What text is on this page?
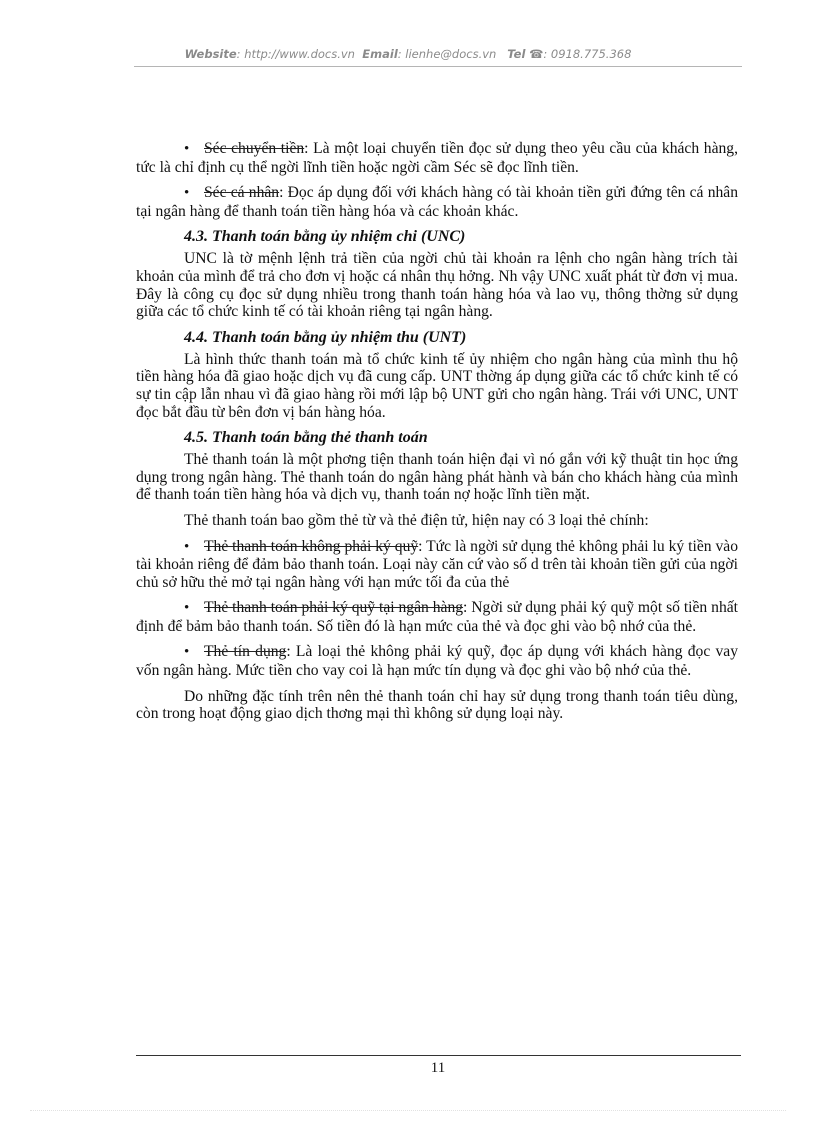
Website: http://www.docs.vn Email: lienhe@docs.vn Tel ☎: 0918.775.368

• Séc chuyển tiền: Là một loại chuyển tiền đọc sử dụng theo yêu cầu của khách hàng, tức là chỉ định cụ thể ngời lĩnh tiền hoặc ngời cầm Séc sẽ đọc lĩnh tiền.

• Séc cá nhân: Đọc áp dụng đối với khách hàng có tài khoản tiền gửi đứng tên cá nhân tại ngân hàng để thanh toán tiền hàng hóa và các khoản khác.

4.3. Thanh toán bằng ủy nhiệm chi (UNC)

UNC là tờ mệnh lệnh trả tiền của ngời chủ tài khoản ra lệnh cho ngân hàng trích tài khoản của mình để trả cho đơn vị hoặc cá nhân thụ hởng. Nh vậy UNC xuất phát từ đơn vị mua. Đây là công cụ đọc sử dụng nhiều trong thanh toán hàng hóa và lao vụ, thông thờng sử dụng giữa các tổ chức kinh tế có tài khoản riêng tại ngân hàng.

4.4. Thanh toán bằng ủy nhiệm thu (UNT)

Là hình thức thanh toán mà tổ chức kinh tế ủy nhiệm cho ngân hàng của mình thu hộ tiền hàng hóa đã giao hoặc dịch vụ đã cung cấp. UNT thờng áp dụng giữa các tổ chức kinh tế có sự tin cập lẫn nhau vì đã giao hàng rồi mới lập bộ UNT gửi cho ngân hàng. Trái với UNC, UNT đọc bắt đầu từ bên đơn vị bán hàng hóa.

4.5. Thanh toán bằng thẻ thanh toán

Thẻ thanh toán là một phơng tiện thanh toán hiện đại vì nó gắn với kỹ thuật tin học ứng dụng trong ngân hàng. Thẻ thanh toán do ngân hàng phát hành và bán cho khách hàng của mình để thanh toán tiền hàng hóa và dịch vụ, thanh toán nợ hoặc lĩnh tiền mặt.

Thẻ thanh toán bao gồm thẻ từ và thẻ điện tử, hiện nay có 3 loại thẻ chính:

• Thẻ thanh toán không phải ký quỹ: Tức là ngời sử dụng thẻ không phải lu ký tiền vào tài khoản riêng để đảm bảo thanh toán. Loại này căn cứ vào số d trên tài khoản tiền gửi của ngời chủ sở hữu thẻ mở tại ngân hàng với hạn mức tối đa của thẻ

• Thẻ thanh toán phải ký quỹ tại ngân hàng: Ngời sử dụng phải ký quỹ một số tiền nhất định để bảm bảo thanh toán. Số tiền đó là hạn mức của thẻ và đọc ghi vào bộ nhớ của thẻ.

• Thẻ tín dụng: Là loại thẻ không phải ký quỹ, đọc áp dụng với khách hàng đọc vay vốn ngân hàng. Mức tiền cho vay coi là hạn mức tín dụng và đọc ghi vào bộ nhớ của thẻ.

Do những đặc tính trên nên thẻ thanh toán chỉ hay sử dụng trong thanh toán tiêu dùng, còn trong hoạt động giao dịch thơng mại thì không sử dụng loại này.

11
